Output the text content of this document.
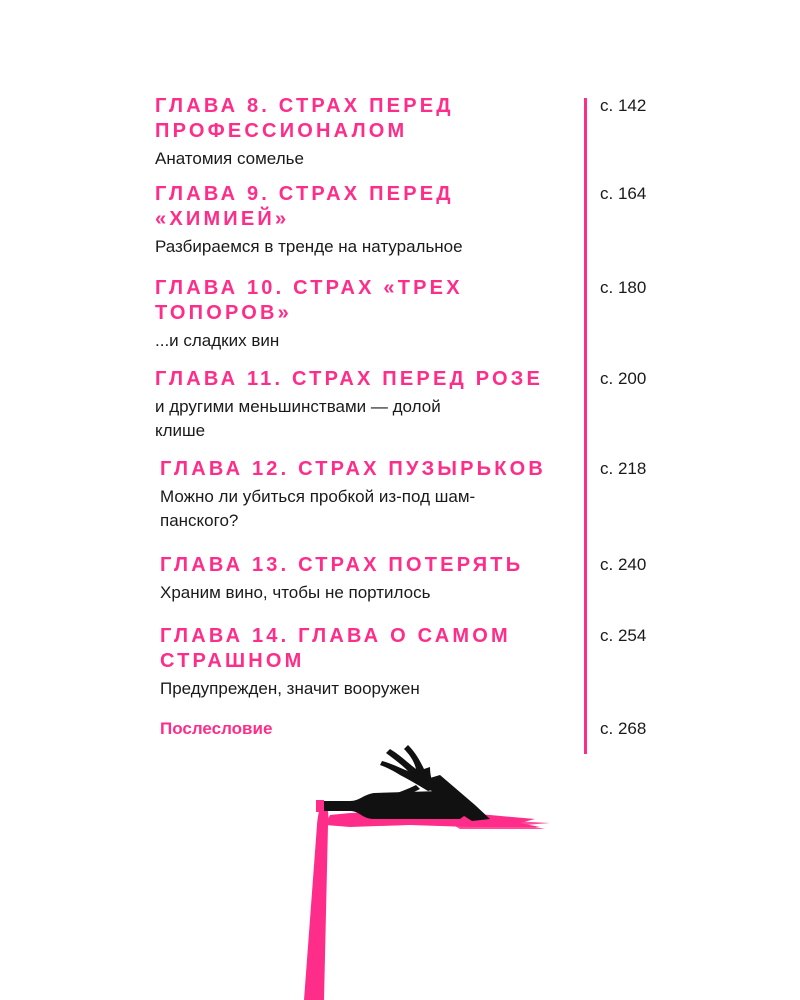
ГЛАВА 8. СТРАХ ПЕРЕД
ПРОФЕССИОНАЛОМ
Анатомия сомелье
с. 142
ГЛАВА 9. СТРАХ ПЕРЕД
«ХИМИЕЙ»
Разбираемся в тренде на натуральное
с. 164
ГЛАВА 10. СТРАХ «ТРЕХ
ТОПОРОВ»
...и сладких вин
с. 180
ГЛАВА 11. СТРАХ ПЕРЕД РОЗЕ
и другими меньшинствами — долой
клише
с. 200
ГЛАВА 12. СТРАХ ПУЗЫРЬКОВ
Можно ли убиться пробкой из-под шам-
панского?
с. 218
ГЛАВА 13. СТРАХ ПОТЕРЯТЬ
Храним вино, чтобы не портилось
с. 240
ГЛАВА 14. ГЛАВА О САМОМ
СТРАШНОМ
Предупрежден, значит вооружен
с. 254
Послесловие	с. 268
